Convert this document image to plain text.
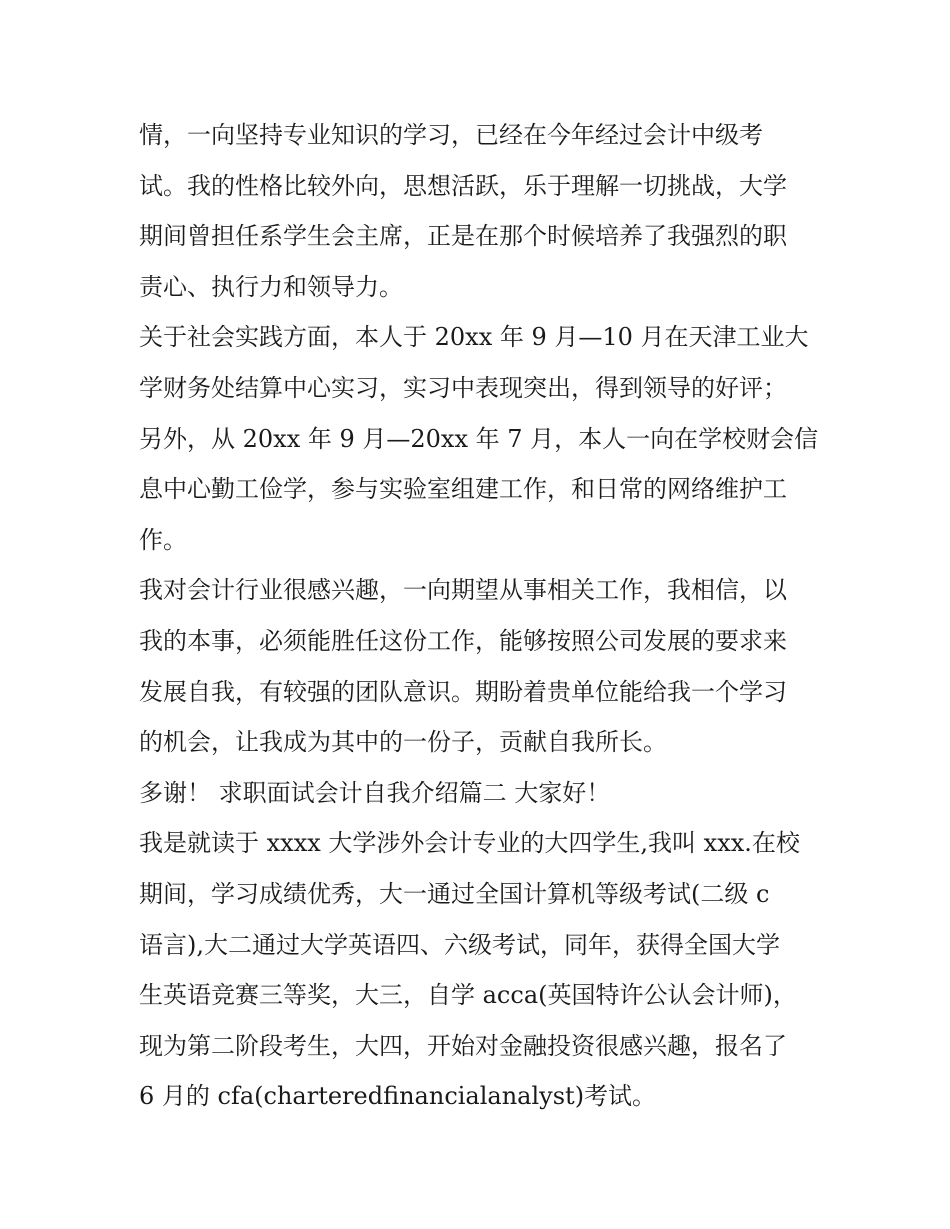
情，一向坚持专业知识的学习，已经在今年经过会计中级考
试。我的性格比较外向，思想活跃，乐于理解一切挑战，大学
期间曾担任系学生会主席，正是在那个时候培养了我强烈的职
责心、执行力和领导力。
关于社会实践方面，本人于 20xx 年 9 月—10 月在天津工业大
学财务处结算中心实习，实习中表现突出，得到领导的好评；
另外，从 20xx 年 9 月—20xx 年 7 月，本人一向在学校财会信
息中心勤工俭学，参与实验室组建工作，和日常的网络维护工
作。
我对会计行业很感兴趣，一向期望从事相关工作，我相信，以
我的本事，必须能胜任这份工作，能够按照公司发展的要求来
发展自我，有较强的团队意识。期盼着贵单位能给我一个学习
的机会，让我成为其中的一份子，贡献自我所长。
多谢！ 求职面试会计自我介绍篇二 大家好！
我是就读于 xxxx 大学涉外会计专业的大四学生,我叫 xxx.在校
期间，学习成绩优秀，大一通过全国计算机等级考试(二级 c
语言),大二通过大学英语四、六级考试，同年，获得全国大学
生英语竞赛三等奖，大三，自学 acca(英国特许公认会计师)，
现为第二阶段考生，大四，开始对金融投资很感兴趣，报名了
6 月的 cfa(charteredfinancialanalyst)考试。
